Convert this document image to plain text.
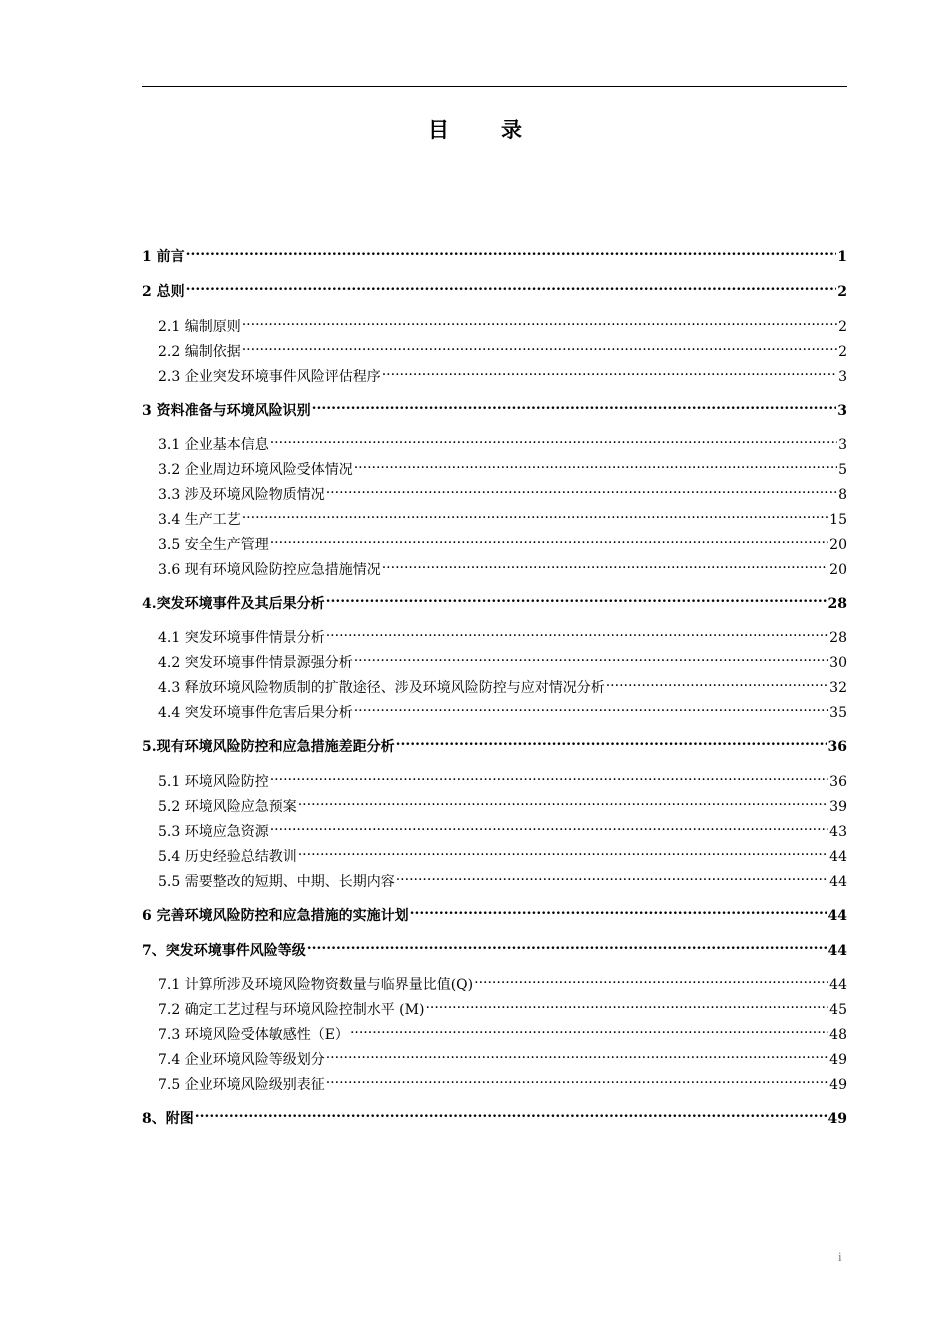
目 录
1 前言 .....	1
2 总则 .....	2
2.1 编制原则 .....	2
2.2 编制依据 .....	2
2.3 企业突发环境事件风险评估程序 .....	3
3 资料准备与环境风险识别 .....	3
3.1 企业基本信息 .....	3
3.2 企业周边环境风险受体情况 .....	5
3.3 涉及环境风险物质情况 .....	8
3.4 生产工艺 .....	15
3.5 安全生产管理 .....	20
3.6 现有环境风险防控应急措施情况 .....	20
4.突发环境事件及其后果分析 .....	28
4.1 突发环境事件情景分析 .....	28
4.2 突发环境事件情景源强分析 .....	30
4.3 释放环境风险物质制的扩散途径、涉及环境风险防控与应对情况分析 .....	32
4.4 突发环境事件危害后果分析 .....	35
5.现有环境风险防控和应急措施差距分析 .....	36
5.1 环境风险防控 .....	36
5.2 环境风险应急预案 .....	39
5.3 环境应急资源 .....	43
5.4 历史经验总结教训 .....	44
5.5 需要整改的短期、中期、长期内容 .....	44
6 完善环境风险防控和应急措施的实施计划 .....	44
7、突发环境事件风险等级 .....	44
7.1 计算所涉及环境风险物资数量与临界量比值(Q) .....	44
7.2 确定工艺过程与环境风险控制水平 (M) .....	45
7.3 环境风险受体敏感性（E） .....	48
7.4 企业环境风险等级划分 .....	49
7.5 企业环境风险级别表征 .....	49
8、附图 .....	49
i
